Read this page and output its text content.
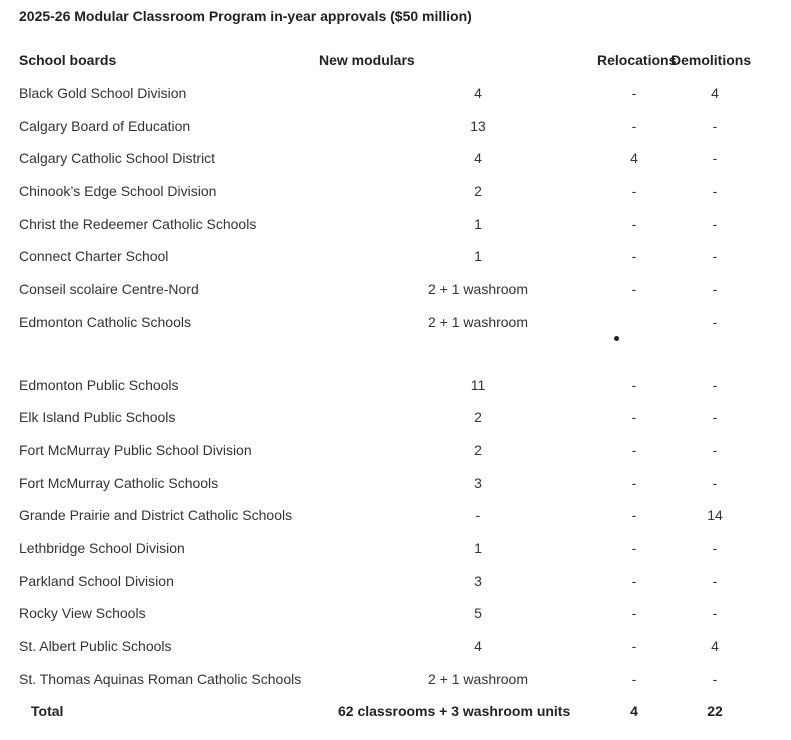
2025-26 Modular Classroom Program in-year approvals ($50 million)
School boards	New modulars	Relocations	Demolitions
Black Gold School Division	4	-	4
Calgary Board of Education	13	-	-
Calgary Catholic School District	4	4	-
Chinook’s Edge School Division	2	-	-
Christ the Redeemer Catholic Schools	1	-	-
Connect Charter School	1	-	-
Conseil scolaire Centre-Nord	2 + 1 washroom	-	-
Edmonton Catholic Schools	2 + 1 washroom		-

Edmonton Public Schools	11	-	-
Elk Island Public Schools	2	-	-
Fort McMurray Public School Division	2	-	-
Fort McMurray Catholic Schools	3	-	-
Grande Prairie and District Catholic Schools	-	-	14
Lethbridge School Division	1	-	-
Parkland School Division	3	-	-
Rocky View Schools	5	-	-
St. Albert Public Schools	4	-	4
St. Thomas Aquinas Roman Catholic Schools	2 + 1 washroom	-	-
Total	62 classrooms + 3 washroom units	4	22
